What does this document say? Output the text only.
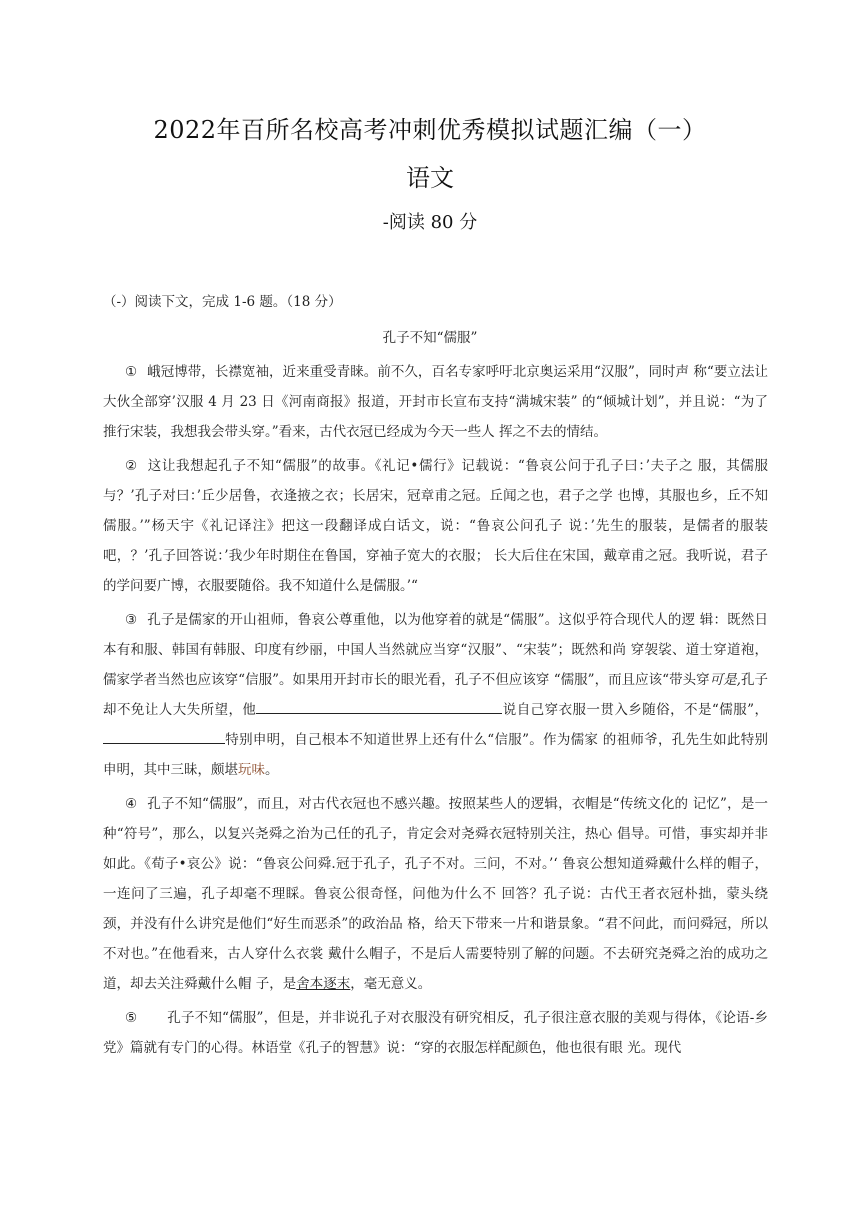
2022年百所名校高考冲刺优秀模拟试题汇编（一）
语文
-阅读 80 分
（-）阅读下文，完成 1-6 题。（18 分）
孔子不知“儒服”

① 峨冠博带，长襟宽袖，近来重受青睐。前不久，百名专家呼吁北京奥运采用“汉服”，同时声 称“要立法让大伙全部穿’汉服 4 月 23 日《河南商报》报道，开封市长宣布支持“满城宋装” 的“倾城计划”，并且说：“为了推行宋装，我想我会带头穿。”看来，古代衣冠已经成为今天一些人 挥之不去的情结。

② 这让我想起孔子不知“儒服”的故事。《礼记•儒行》记载说：“鲁哀公问于孔子曰：’夫子之 服，其儒服与？’孔子对曰：’丘少居鲁，衣逢掖之衣；长居宋，冠章甫之冠。丘闻之也，君子之学 也博，其服也乡，丘不知儒服。’”杨天宇《礼记译注》把这一段翻译成白话文，说：“鲁哀公问孔子 说：’先生的服装，是儒者的服装吧，？’孔子回答说：’我少年时期住在鲁国，穿袖子宽大的衣服； 长大后住在宋国，戴章甫之冠。我听说，君子的学问要广博，衣服要随俗。我不知道什么是儒服。’“

③ 孔子是儒家的开山祖师，鲁哀公尊重他，以为他穿着的就是“儒服”。这似乎符合现代人的逻 辑：既然日本有和服、韩国有韩服、印度有纱丽，中国人当然就应当穿“汉服”、“宋装”；既然和尚 穿袈裟、道士穿道袍，儒家学者当然也应该穿“信服”。如果用开封市长的眼光看，孔子不但应该穿 “儒服”，而且应该“带头穿可是,孔子却不免让人大失所望，他	说自己穿衣服一贯入乡随俗，不是“儒服”，特别申明，自己根本不知道世界上还有什么“信服”。作为儒家 的祖师爷，孔先生如此特别申明，其中三昧，颇堪玩味。

④ 孔子不知“儒服”，而且，对古代衣冠也不感兴趣。按照某些人的逻辑，衣帽是“传统文化的 记忆”，是一种“符号”，那么，以复兴尧舜之治为己任的孔子，肯定会对尧舜衣冠特别关注，热心 倡导。可惜，事实却并非如此。《荀子•哀公》说：“鲁哀公问舜.冠于孔子，孔子不对。三问，不对。’‘ 鲁哀公想知道舜戴什么样的帽子，一连问了三遍，孔子却毫不理睬。鲁哀公很奇怪，问他为什么不 回答？孔子说：古代王者衣冠朴拙，蒙头绕颈，并没有什么讲究是他们“好生而恶杀”的政治品 格，给天下带来一片和谐景象。“君不问此，而问舜冠，所以不对也。”在他看来，古人穿什么衣裳 戴什么帽子，不是后人需要特别了解的问题。不去研究尧舜之治的成功之道，却去关注舜戴什么帽 子，是舍本逐末，毫无意义。

⑤ 孔子不知“儒服”，但是，并非说孔子对衣服没有研究相反，孔子很注意衣服的美观与得体，《论语-乡党》篇就有专门的心得。林语堂《孔子的智慧》说：“穿的衣服怎样配颜色，他也很有眼 光。现代
